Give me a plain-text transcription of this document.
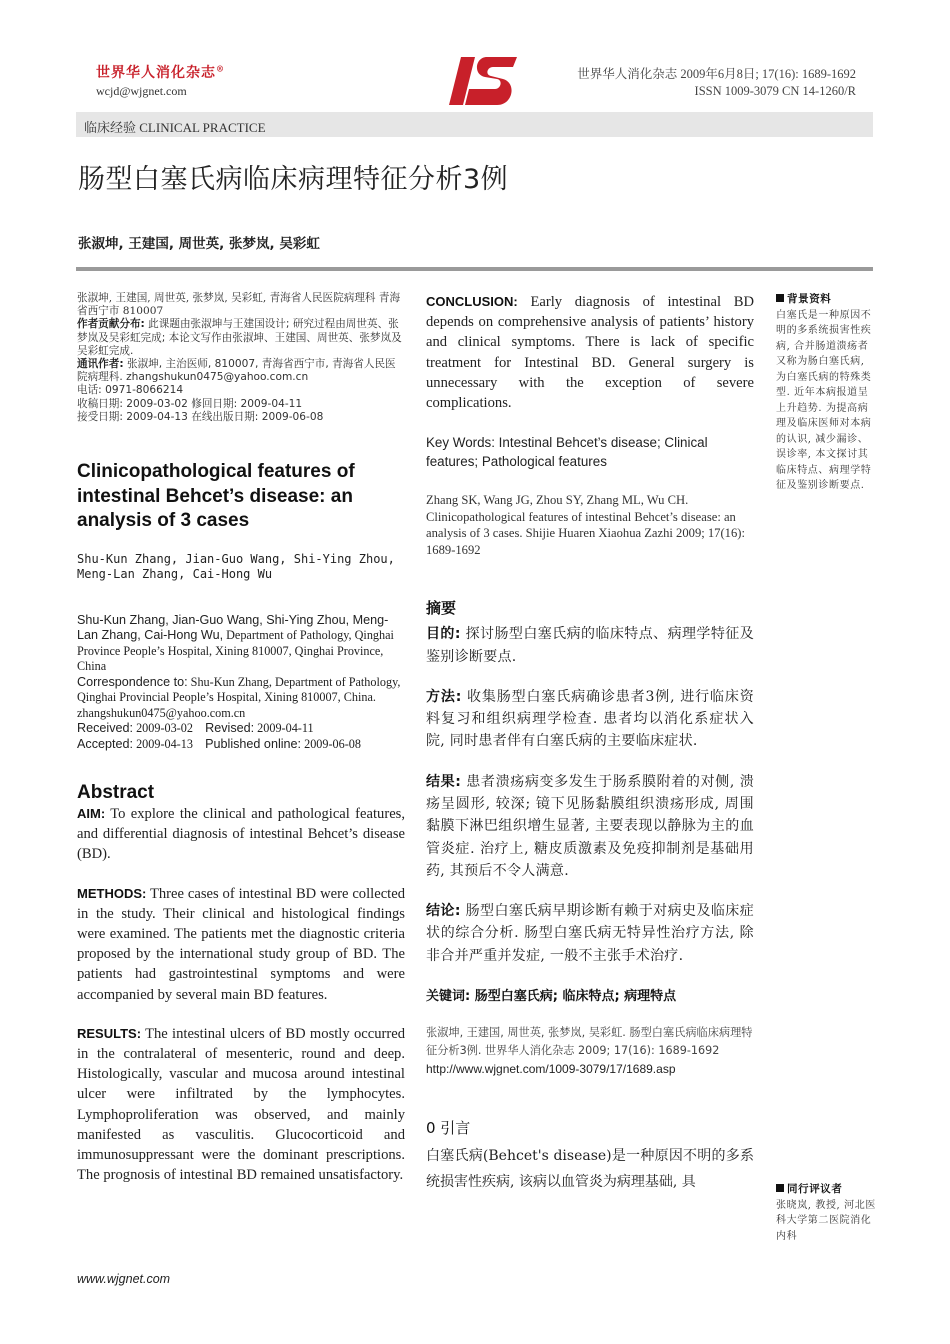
世界华人消化杂志®
wcjd@wjgnet.com
世界华人消化杂志 2009年6月8日; 17(16): 1689-1692
ISSN 1009-3079 CN 14-1260/R
临床经验 CLINICAL PRACTICE
肠型白塞氏病临床病理特征分析3例
张淑坤, 王建国, 周世英, 张梦岚, 吴彩虹
张淑坤, 王建国, 周世英, 张梦岚, 吴彩虹, 青海省人民医院病理科 青海省西宁市 810007
作者贡献分布: 此课题由张淑坤与王建国设计; 研究过程由周世英、张梦岚及吴彩虹完成; 本论文写作由张淑坤、王建国、周世英、张梦岚及吴彩虹完成.
通讯作者: 张淑坤, 主治医师, 810007, 青海省西宁市, 青海省人民医院病理科. zhangshukun0475@yahoo.com.cn
电话: 0971-8066214
收稿日期: 2009-03-02 修回日期: 2009-04-11
接受日期: 2009-04-13 在线出版日期: 2009-06-08
Clinicopathological features of intestinal Behcet’s disease: an analysis of 3 cases
Shu-Kun Zhang, Jian-Guo Wang, Shi-Ying Zhou, Meng-Lan Zhang, Cai-Hong Wu
Shu-Kun Zhang, Jian-Guo Wang, Shi-Ying Zhou, Meng-Lan Zhang, Cai-Hong Wu, Department of Pathology, Qinghai Province People’s Hospital, Xining 810007, Qinghai Province, China
Correspondence to: Shu-Kun Zhang, Department of Pathology, Qinghai Provincial People’s Hospital, Xining 810007, China. zhangshukun0475@yahoo.com.cn
Received: 2009-03-02 Revised: 2009-04-11
Accepted: 2009-04-13 Published online: 2009-06-08
Abstract
AIM: To explore the clinical and pathological features, and differential diagnosis of intestinal Behcet’s disease (BD).
METHODS: Three cases of intestinal BD were collected in the study. Their clinical and histological findings were examined. The patients met the diagnostic criteria proposed by the international study group of BD. The patients had gastrointestinal symptoms and were accompanied by several main BD features.
RESULTS: The intestinal ulcers of BD mostly occurred in the contralateral of mesenteric, round and deep. Histologically, vascular and mucosa around intestinal ulcer were infiltrated by the lymphocytes. Lymphoproliferation was observed, and mainly manifested as vasculitis. Glucocorticoid and immunosuppressant were the dominant prescriptions. The prognosis of intestinal BD remained unsatisfactory.
CONCLUSION: Early diagnosis of intestinal BD depends on comprehensive analysis of patients’ history and clinical symptoms. There is lack of specific treatment for Intestinal BD. General surgery is unnecessary with the exception of severe complications.
Key Words: Intestinal Behcet’s disease; Clinical features; Pathological features
Zhang SK, Wang JG, Zhou SY, Zhang ML, Wu CH. Clinicopathological features of intestinal Behcet’s disease: an analysis of 3 cases. Shijie Huaren Xiaohua Zazhi 2009; 17(16): 1689-1692
摘要
目的: 探讨肠型白塞氏病的临床特点、病理学特征及鉴别诊断要点.
方法: 收集肠型白塞氏病确诊患者3例, 进行临床资料复习和组织病理学检查. 患者均以消化系症状入院, 同时患者伴有白塞氏病的主要临床症状.
结果: 患者溃疡病变多发生于肠系膜附着的对侧, 溃疡呈圆形, 较深; 镜下见肠黏膜组织溃疡形成, 周围黏膜下淋巴组织增生显著, 主要表现以静脉为主的血管炎症. 治疗上, 糖皮质激素及免疫抑制剂是基础用药, 其预后不令人满意.
结论: 肠型白塞氏病早期诊断有赖于对病史及临床症状的综合分析. 肠型白塞氏病无特异性治疗方法, 除非合并严重并发症, 一般不主张手术治疗.
关键词: 肠型白塞氏病; 临床特点; 病理特点
张淑坤, 王建国, 周世英, 张梦岚, 吴彩虹. 肠型白塞氏病临床病理特征分析3例. 世界华人消化杂志 2009; 17(16): 1689-1692
http://www.wjgnet.com/1009-3079/17/1689.asp
0 引言
白塞氏病(Behcet's disease)是一种原因不明的多系统损害性疾病, 该病以血管炎为病理基础, 具
背景资料
白塞氏是一种原因不明的多系统损害性疾病, 合并肠道溃疡者又称为肠白塞氏病, 为白塞氏病的特殊类型. 近年本病报道呈上升趋势. 为提高病理及临床医师对本病的认识, 减少漏诊、误诊率, 本文探讨其临床特点、病理学特征及鉴别诊断要点.
同行评议者
张晓岚, 教授, 河北医科大学第二医院消化内科
www.wjgnet.com
